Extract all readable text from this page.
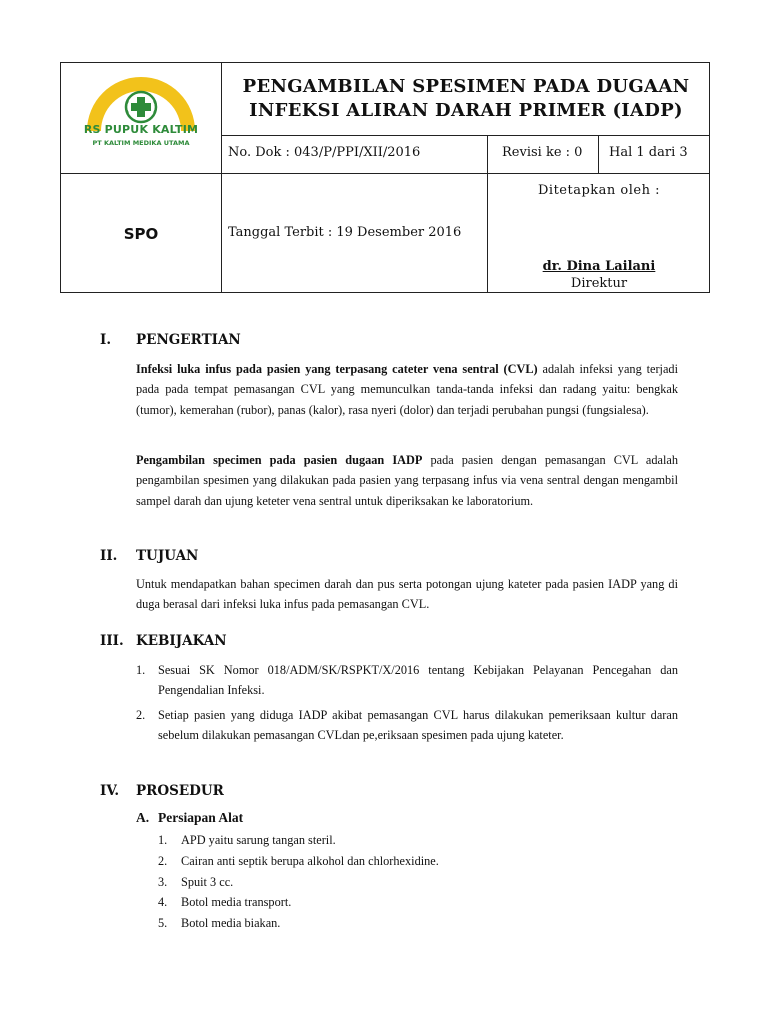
RS PUPUK KALTIM
PT KALTIM MEDIKA UTAMA
PENGAMBILAN SPESIMEN PADA DUGAAN
INFEKSI ALIRAN DARAH PRIMER (IADP)
No. Dok : 043/P/PPI/XII/2016	Revisi ke : 0 Hal 1 dari 3
SPO	Tanggal Terbit : 19 Desember 2016
Ditetapkan oleh :
dr. Dina Lailani
Direktur
I. PENGERTIAN
Infeksi luka infus pada pasien yang terpasang cateter vena sentral (CVL) adalah infeksi yang terjadi pada pada tempat pemasangan CVL yang memunculkan tanda-tanda infeksi dan radang yaitu: bengkak (tumor), kemerahan (rubor), panas (kalor), rasa nyeri (dolor) dan terjadi perubahan pungsi (fungsialesa).
Pengambilan specimen pada pasien dugaan IADP pada pasien dengan pemasangan CVL adalah pengambilan spesimen yang dilakukan pada pasien yang terpasang infus via vena sentral dengan mengambil sampel darah dan ujung keteter vena sentral untuk diperiksakan ke laboratorium.
II. TUJUAN
Untuk mendapatkan bahan specimen darah dan pus serta potongan ujung kateter pada pasien IADP yang di duga berasal dari infeksi luka infus pada pemasangan CVL.
III. KEBIJAKAN
1. Sesuai SK Nomor 018/ADM/SK/RSPKT/X/2016 tentang Kebijakan Pelayanan Pencegahan dan Pengendalian Infeksi.
2. Setiap pasien yang diduga IADP akibat pemasangan CVL harus dilakukan pemeriksaan kultur daran sebelum dilakukan pemasangan CVLdan pe,eriksaan spesimen pada ujung kateter.
IV. PROSEDUR
A. Persiapan Alat
1. APD yaitu sarung tangan steril.
2. Cairan anti septik berupa alkohol dan chlorhexidine.
3. Spuit 3 cc.
4. Botol media transport.
5. Botol media biakan.
